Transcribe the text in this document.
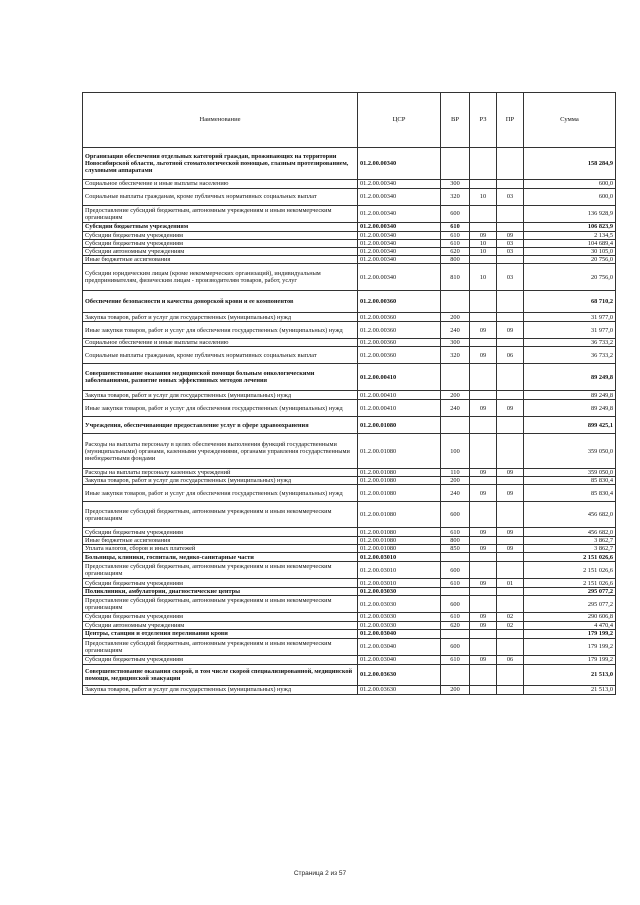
Наименование	ЦСР	ВР	РЗ	ПР	Сумма
Организация обеспечения отдельных категорий граждан, проживающих на территории Новосибирской области, льготной стоматологической помощью, глазным протезированием, слуховыми аппаратами	01.2.00.00340				158 284,9
Социальное обеспечение и иные выплаты населению	01.2.00.00340	300			600,0
Социальные выплаты гражданам, кроме публичных нормативных социальных выплат	01.2.00.00340	320	10	03	600,0
Предоставление субсидий бюджетным, автономным учреждениям и иным некоммерческим организациям	01.2.00.00340	600			136 928,9
Субсидии бюджетным учреждениям	01.2.00.00340	610			106 823,9
Субсидии бюджетным учреждениям	01.2.00.00340	610	09	09	2 134,5
Субсидии бюджетным учреждениям	01.2.00.00340	610	10	03	104 689,4
Субсидии автономным учреждениям	01.2.00.00340	620	10	03	30 105,0
Иные бюджетные ассигнования	01.2.00.00340	800			20 756,0
Субсидии юридическим лицам (кроме некоммерческих организаций), индивидуальным предпринимателям, физическим лицам - производителям товаров, работ, услуг	01.2.00.00340	810	10	03	20 756,0
Обеспечение безопасности и качества донорской крови и ее компонентов	01.2.00.00360				68 710,2
Закупка товаров, работ и услуг для государственных (муниципальных) нужд	01.2.00.00360	200			31 977,0
Иные закупки товаров, работ и услуг для обеспечения государственных (муниципальных) нужд	01.2.00.00360	240	09	09	31 977,0
Социальное обеспечение и иные выплаты населению	01.2.00.00360	300			36 733,2
Социальные выплаты гражданам, кроме публичных нормативных социальных выплат	01.2.00.00360	320	09	06	36 733,2
Совершенствование оказания медицинской помощи больным онкологическими заболеваниями, развитие новых эффективных методов лечения	01.2.00.00410				89 249,8
Закупка товаров, работ и услуг для государственных (муниципальных) нужд	01.2.00.00410	200			89 249,8
Иные закупки товаров, работ и услуг для обеспечения государственных (муниципальных) нужд	01.2.00.00410	240	09	09	89 249,8
Учреждения, обеспечивающие предоставление услуг в сфере здравоохранения	01.2.00.01080				899 425,1
Расходы на выплаты персоналу в целях обеспечения выполнения функций государственными (муниципальными) органами, казенными учреждениями, органами управления государственными внебюджетными фондами	01.2.00.01080	100			359 050,0
Расходы на выплаты персоналу казенных учреждений	01.2.00.01080	110	09	09	359 050,0
Закупка товаров, работ и услуг для государственных (муниципальных) нужд	01.2.00.01080	200			85 830,4
Иные закупки товаров, работ и услуг для обеспечения государственных (муниципальных) нужд	01.2.00.01080	240	09	09	85 830,4
Предоставление субсидий бюджетным, автономным учреждениям и иным некоммерческим организациям	01.2.00.01080	600			456 682,0
Субсидии бюджетным учреждениям	01.2.00.01080	610	09	09	456 682,0
Иные бюджетные ассигнования	01.2.00.01080	800			3 862,7
Уплата налогов, сборов и иных платежей	01.2.00.01080	850	09	09	3 862,7
Больницы, клиники, госпитали, медико-санитарные части	01.2.00.03010				2 151 026,6
Предоставление субсидий бюджетным, автономным учреждениям и иным некоммерческим организациям	01.2.00.03010	600			2 151 026,6
Субсидии бюджетным учреждениям	01.2.00.03010	610	09	01	2 151 026,6
Поликлиники, амбулатории, диагностические центры	01.2.00.03030				295 077,2
Предоставление субсидий бюджетным, автономным учреждениям и иным некоммерческим организациям	01.2.00.03030	600			295 077,2
Субсидии бюджетным учреждениям	01.2.00.03030	610	09	02	290 606,8
Субсидии автономным учреждениям	01.2.00.03030	620	09	02	4 470,4
Центры, станции и отделения переливания крови	01.2.00.03040				179 199,2
Предоставление субсидий бюджетным, автономным учреждениям и иным некоммерческим организациям	01.2.00.03040	600			179 199,2
Субсидии бюджетным учреждениям	01.2.00.03040	610	09	06	179 199,2
Совершенствование оказания скорой, в том числе скорой специализированной, медицинской помощи, медицинской эвакуации	01.2.00.03630				21 513,0
Закупка товаров, работ и услуг для государственных (муниципальных) нужд	01.2.00.03630	200			21 513,0
Страница 2 из 57
